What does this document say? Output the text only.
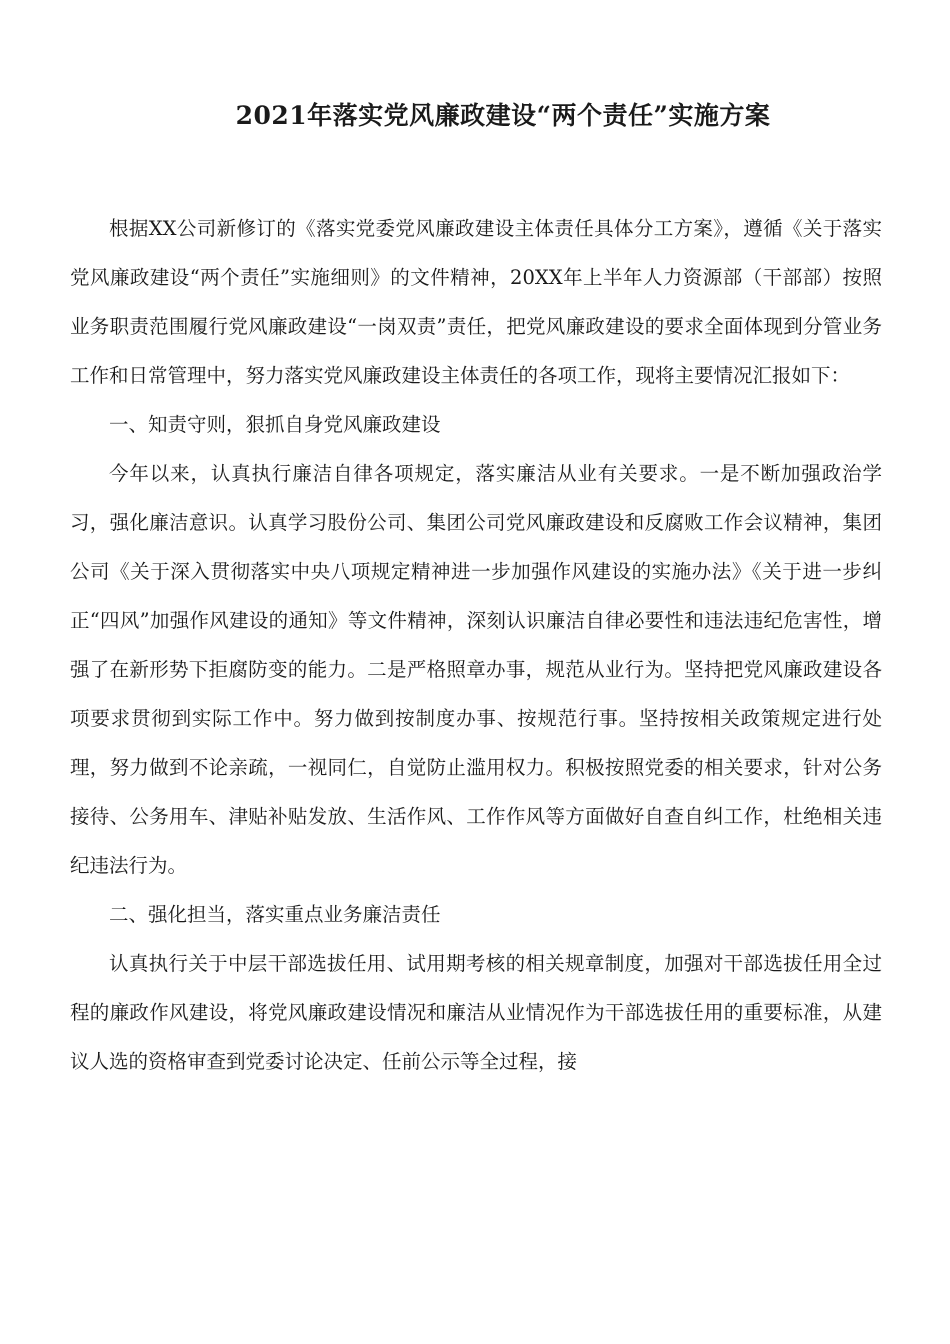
2021年落实党风廉政建设“两个责任”实施方案

根据XX公司新修订的《落实党委党风廉政建设主体责任具体分工方案》，遵循《关于落实党风廉政建设“两个责任”实施细则》的文件精神，20XX年上半年人力资源部（干部部）按照业务职责范围履行党风廉政建设“一岗双责”责任，把党风廉政建设的要求全面体现到分管业务工作和日常管理中，努力落实党风廉政建设主体责任的各项工作，现将主要情况汇报如下：

一、知责守则，狠抓自身党风廉政建设

今年以来，认真执行廉洁自律各项规定，落实廉洁从业有关要求。一是不断加强政治学习，强化廉洁意识。认真学习股份公司、集团公司党风廉政建设和反腐败工作会议精神，集团公司《关于深入贯彻落实中央八项规定精神进一步加强作风建设的实施办法》《关于进一步纠正“四风”加强作风建设的通知》等文件精神，深刻认识廉洁自律必要性和违法违纪危害性，增强了在新形势下拒腐防变的能力。二是严格照章办事，规范从业行为。坚持把党风廉政建设各项要求贯彻到实际工作中。努力做到按制度办事、按规范行事。坚持按相关政策规定进行处理，努力做到不论亲疏，一视同仁，自觉防止滥用权力。积极按照党委的相关要求，针对公务接待、公务用车、津贴补贴发放、生活作风、工作作风等方面做好自查自纠工作，杜绝相关违纪违法行为。

二、强化担当，落实重点业务廉洁责任

认真执行关于中层干部选拔任用、试用期考核的相关规章制度，加强对干部选拔任用全过程的廉政作风建设，将党风廉政建设情况和廉洁从业情况作为干部选拔任用的重要标准，从建议人选的资格审查到党委讨论决定、任前公示等全过程，接
